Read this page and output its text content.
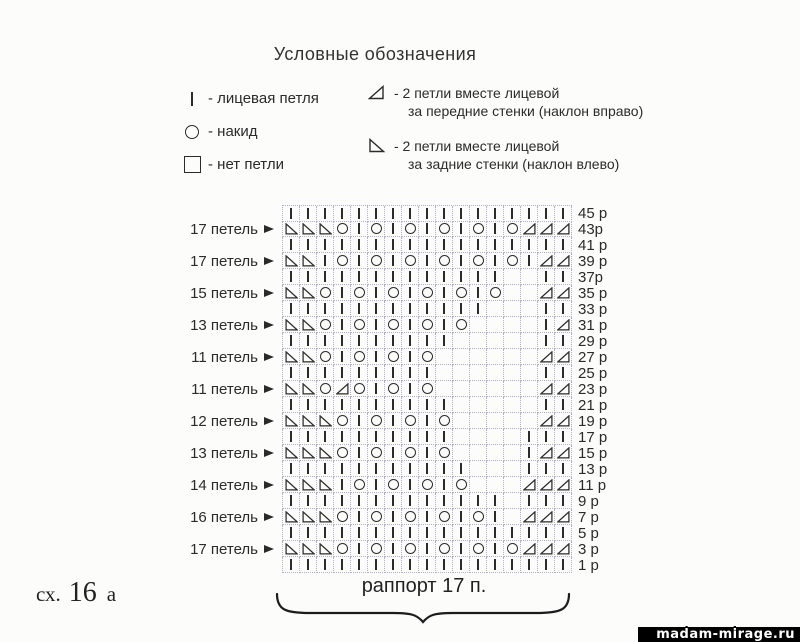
Условные обозначения
- лицевая петля
- накид
- нет петли
- 2 петли вместе лицевой
за передние стенки (наклон вправо)
- 2 петли вместе лицевой
за задние стенки (наклон влево)
45 р
17 петель	43р
41 р
17 петель	39 р
37р
15 петель	35 р
33 р
13 петель	31 р
29 р
11 петель	27 р
25 р
11 петель	23 р
21 р
12 петель	19 р
17 р
13 петель	15 р
13 р
14 петель	11 р
9 р
16 петель	7 р
5 р
17 петель	3 р
1 р
раппорт 17 п.
сх. 16 а
madam-mirage.ru
